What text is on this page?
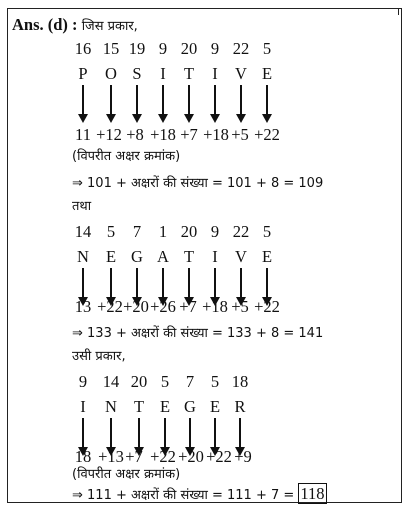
Ans. (d) : जिस प्रकार,
16 15 19 9 20 9 22 5
P O S I T I V E
11 +12 +8 +18 +7 +18 +5 +22
(विपरीत अक्षर क्रमांक)
⇒ 101 + अक्षरों की संख्या = 101 + 8 = 109
तथा
14 5 7 1 20 9 22 5
N E G A T I V E
13 +22 +20 +26 +7 +18 +5 +22
⇒ 133 + अक्षरों की संख्या = 133 + 8 = 141
उसी प्रकार,
9 14 20 5 7 5 18
I N T E G E R
18 +13 +7 +22 +20 +22 +9
(विपरीत अक्षर क्रमांक)
⇒ 111 + अक्षरों की संख्या = 111 + 7 = 118
